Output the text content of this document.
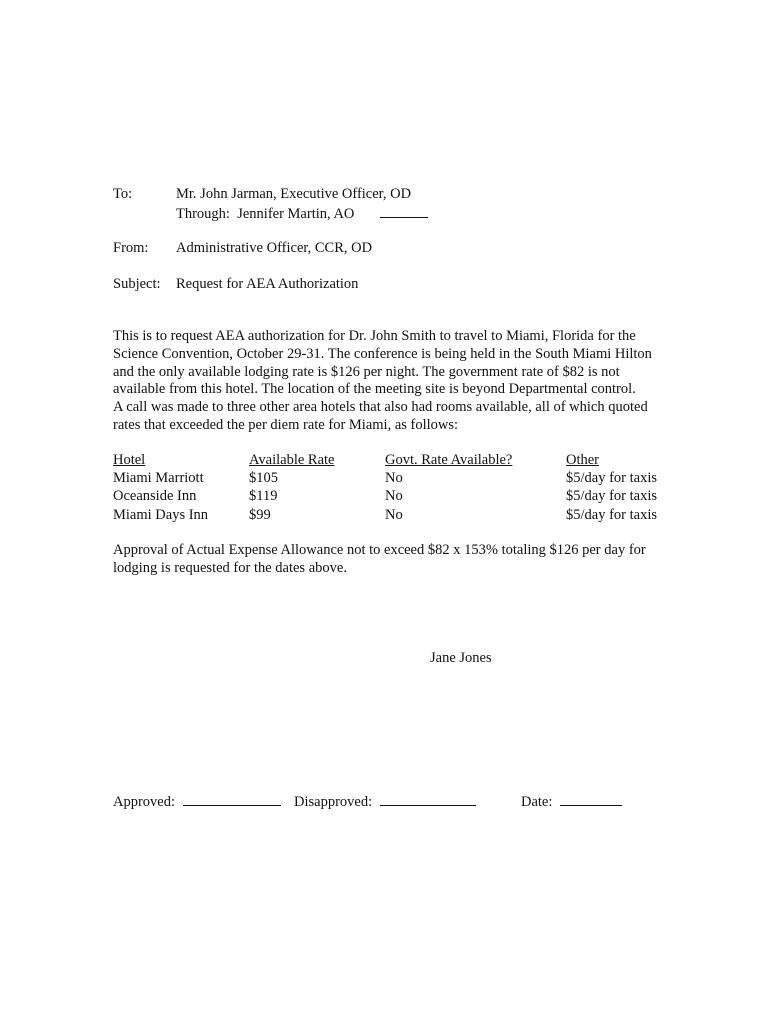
To:	Mr. John Jarman, Executive Officer, OD
Through: Jennifer Martin, AO
From: Administrative Officer, CCR, OD
Subject: Request for AEA Authorization

This is to request AEA authorization for Dr. John Smith to travel to Miami, Florida for the

Science Convention, October 29-31. The conference is being held in the South Miami Hilton

and the only available lodging rate is $126 per night. The government rate of $82 is not

available from this hotel. The location of the meeting site is beyond Departmental control.

A call was made to three other area hotels that also had rooms available, all of which quoted

rates that exceeded the per diem rate for Miami, as follows:

Hotel	Available Rate	Govt. Rate Available?	Other
Miami Marriott	$105	No	$5/day for taxis
Oceanside Inn	$119	No	$5/day for taxis
Miami Days Inn	$99	No	$5/day for taxis

Approval of Actual Expense Allowance not to exceed $82 x 153% totaling $126 per day for

lodging is requested for the dates above.

Jane Jones
Approved:	Disapproved:	Date:
